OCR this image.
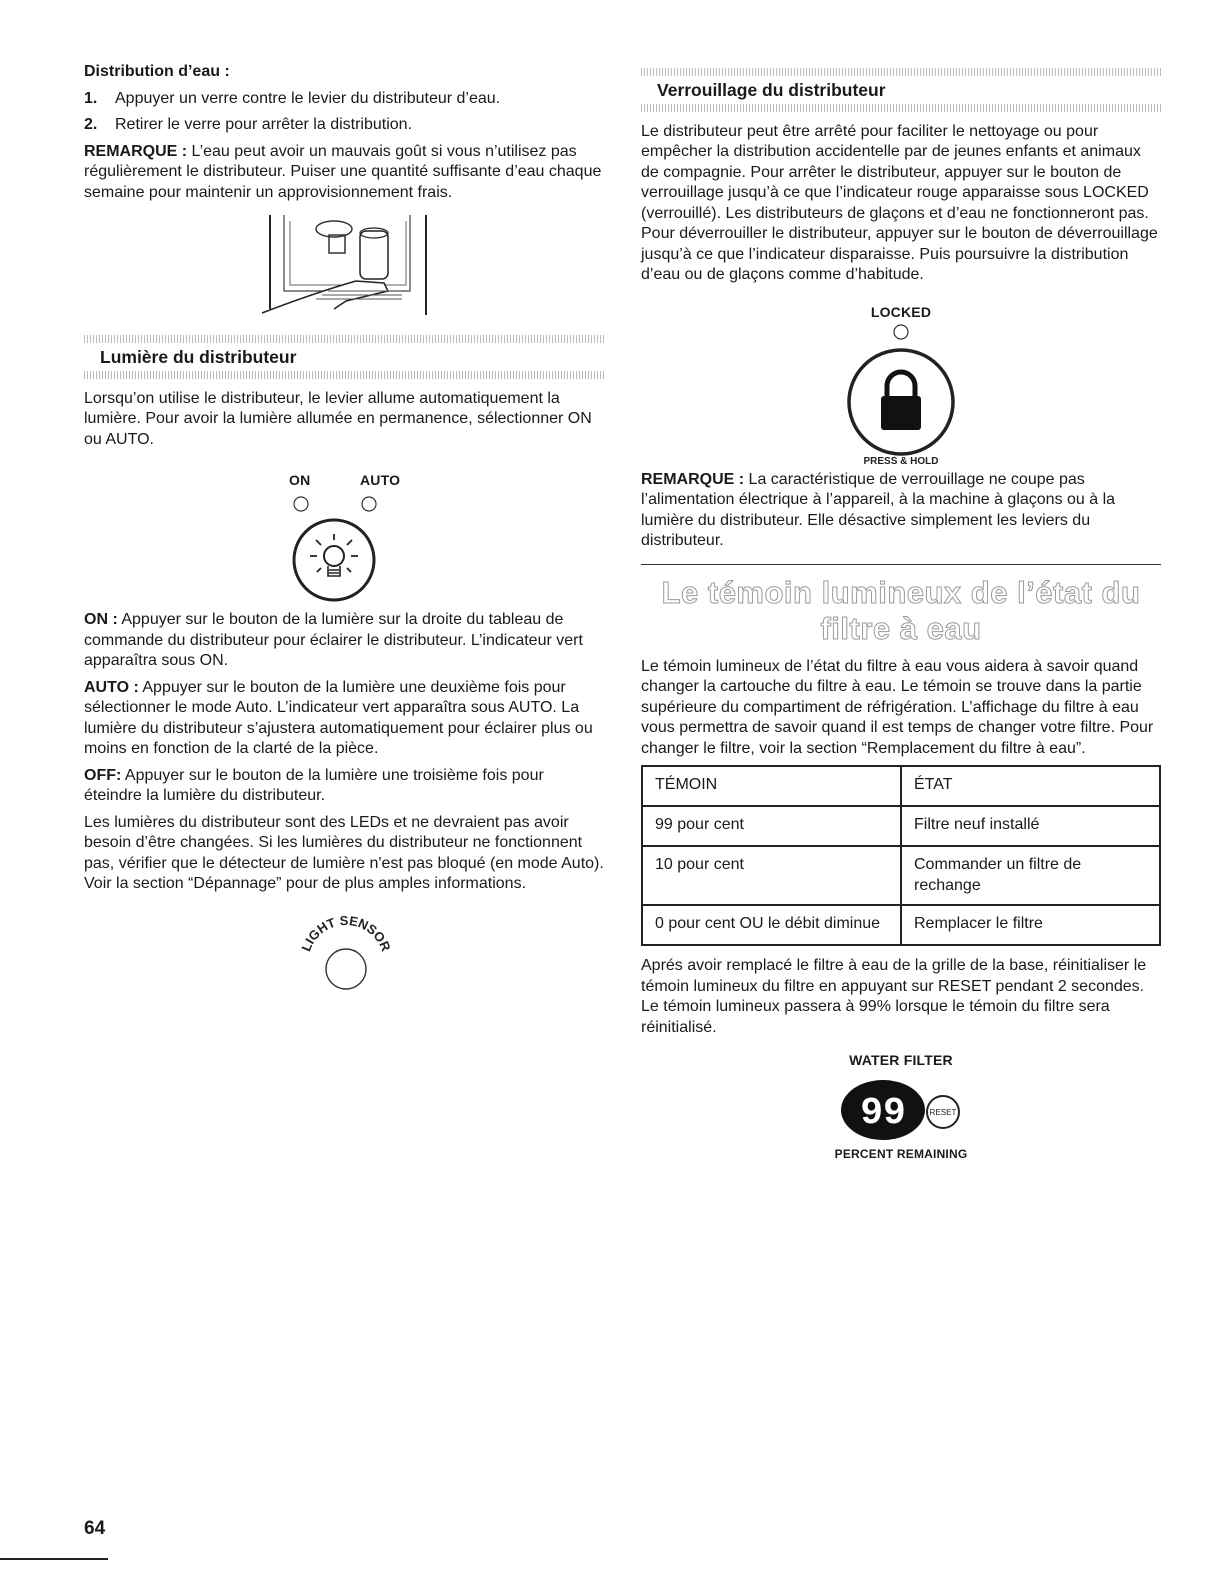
Distribution d’eau :

1.	Appuyer un verre contre le levier du distributeur d’eau.
2.	Retirer le verre pour arrêter la distribution.

REMARQUE : L’eau peut avoir un mauvais goût si vous n’utilisez pas régulièrement le distributeur. Puiser une quantité suffisante d’eau chaque semaine pour maintenir un approvisionnement frais.

Lumière du distributeur

Lorsqu’on utilise le distributeur, le levier allume automatiquement la lumière. Pour avoir la lumière allumée en permanence, sélectionner ON ou AUTO.

ON	AUTO

ON : Appuyer sur le bouton de la lumière sur la droite du tableau de commande du distributeur pour éclairer le distributeur. L’indicateur vert apparaîtra sous ON.

AUTO : Appuyer sur le bouton de la lumière une deuxième fois pour sélectionner le mode Auto. L’indicateur vert apparaîtra sous AUTO. La lumière du distributeur s’ajustera automatiquement pour éclairer plus ou moins en fonction de la clarté de la pièce.

OFF: Appuyer sur le bouton de la lumière une troisième fois pour éteindre la lumière du distributeur.

Les lumières du distributeur sont des LEDs et ne devraient pas avoir besoin d’être changées. Si les lumières du distributeur ne fonctionnent pas, vérifier que le détecteur de lumière n'est pas bloqué (en mode Auto). Voir la section “Dépannage” pour de plus amples informations.

LIGHT SENSOR
Verrouillage du distributeur

Le distributeur peut être arrêté pour faciliter le nettoyage ou pour empêcher la distribution accidentelle par de jeunes enfants et animaux de compagnie. Pour arrêter le distributeur, appuyer sur le bouton de verrouillage jusqu’à ce que l’indicateur rouge apparaisse sous LOCKED (verrouillé). Les distributeurs de glaçons et d’eau ne fonctionneront pas. Pour déverrouiller le distributeur, appuyer sur le bouton de déverrouillage jusqu’à ce que l’indicateur disparaisse. Puis poursuivre la distribution d’eau ou de glaçons comme d’habitude.

LOCKED
PRESS & HOLD

REMARQUE : La caractéristique de verrouillage ne coupe pas l’alimentation électrique à l’appareil, à la machine à glaçons ou à la lumière du distributeur. Elle désactive simplement les leviers du distributeur.

Le témoin lumineux de l’état du filtre à eau

Le témoin lumineux de l’état du filtre à eau vous aidera à savoir quand changer la cartouche du filtre à eau. Le témoin se trouve dans la partie supérieure du compartiment de réfrigération. L’affichage du filtre à eau vous permettra de savoir quand il est temps de changer votre filtre. Pour changer le filtre, voir la section “Remplacement du filtre à eau”.

TÉMOIN	ÉTAT
99 pour cent	Filtre neuf installé
10 pour cent	Commander un filtre de rechange
0 pour cent OU le débit diminue	Remplacer le filtre

Aprés avoir remplacé le filtre à eau de la grille de la base, réinitialiser le témoin lumineux du filtre en appuyant sur RESET pendant 2 secondes. Le témoin lumineux passera à 99% lorsque le témoin du filtre sera réinitialisé.

WATER FILTER
99	RESET
PERCENT REMAINING
64
